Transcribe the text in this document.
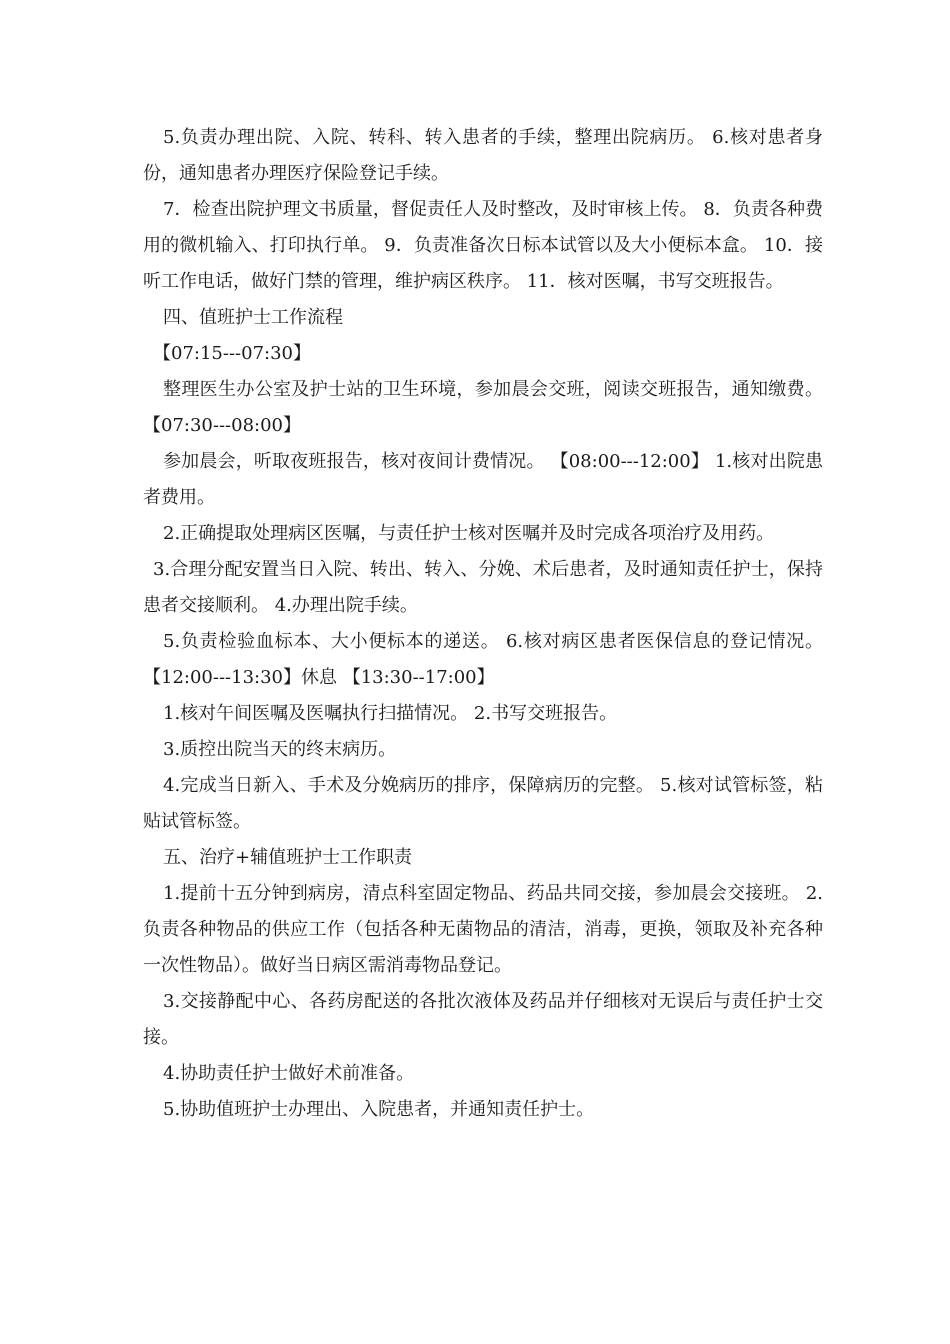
5.负责办理出院、入院、转科、转入患者的手续，整理出院病历。 6.核对患者身份，通知患者办理医疗保险登记手续。

7．检查出院护理文书质量，督促责任人及时整改，及时审核上传。 8．负责各种费用的微机输入、打印执行单。 9．负责准备次日标本试管以及大小便标本盒。 10．接听工作电话，做好门禁的管理，维护病区秩序。 11．核对医嘱，书写交班报告。

四、值班护士工作流程

【07:15---07:30】

整理医生办公室及护士站的卫生环境，参加晨会交班，阅读交班报告，通知缴费。 【07:30---08:00】

参加晨会，听取夜班报告，核对夜间计费情况。 【08:00---12:00】 1.核对出院患者费用。

2.正确提取处理病区医嘱，与责任护士核对医嘱并及时完成各项治疗及用药。

3.合理分配安置当日入院、转出、转入、分娩、术后患者，及时通知责任护士，保持患者交接顺利。 4.办理出院手续。

5.负责检验血标本、大小便标本的递送。 6.核对病区患者医保信息的登记情况。 【12:00---13:30】休息 【13:30--17:00】

1.核对午间医嘱及医嘱执行扫描情况。 2.书写交班报告。

3.质控出院当天的终末病历。

4.完成当日新入、手术及分娩病历的排序，保障病历的完整。 5.核对试管标签，粘贴试管标签。

五、治疗+辅值班护士工作职责

1.提前十五分钟到病房，清点科室固定物品、药品共同交接，参加晨会交接班。 2.负责各种物品的供应工作（包括各种无菌物品的清洁，消毒，更换，领取及补充各种一次性物品）。做好当日病区需消毒物品登记。

3.交接静配中心、各药房配送的各批次液体及药品并仔细核对无误后与责任护士交接。

4.协助责任护士做好术前准备。

5.协助值班护士办理出、入院患者，并通知责任护士。
